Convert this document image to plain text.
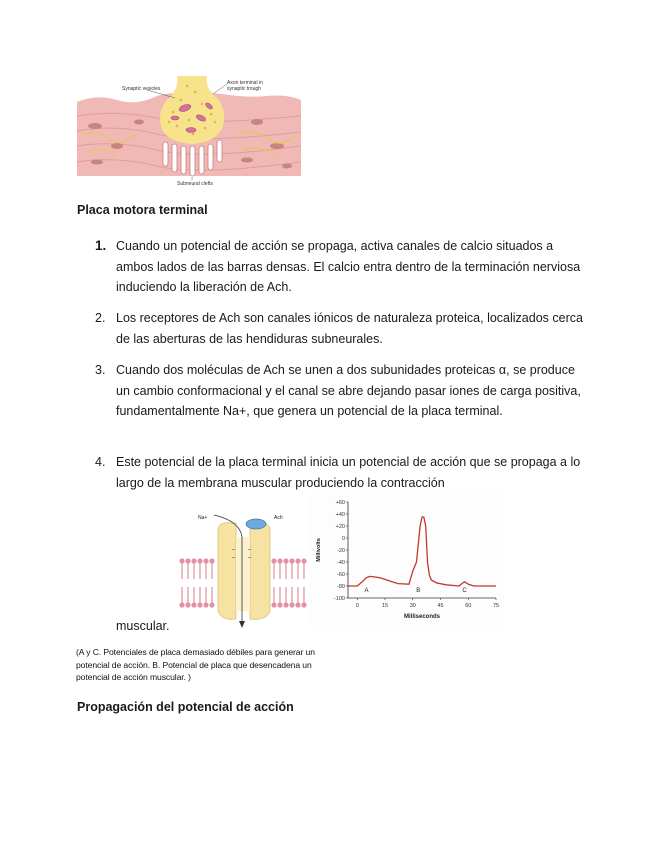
Synaptic vesicles
Axon terminal in
synaptic trough
Subneural clefts
Placa motora terminal
1. Cuando un potencial de acción se propaga, activa canales de calcio situados a ambos lados de las barras densas. El calcio entra dentro de la terminación nerviosa induciendo la liberación de Ach.
2. Los receptores de Ach son canales iónicos de naturaleza proteica, localizados cerca de las aberturas de las hendiduras subneurales.
3. Cuando dos moléculas de Ach se unen a dos subunidades proteicas α, se produce un cambio conformacional y el canal se abre dejando pasar iones de carga positiva, fundamentalmente Na+, que genera un potencial de la placa terminal.
4. Este potencial de la placa terminal inicia un potencial de acción que se propaga a lo largo de la membrana muscular produciendo la contracción
muscular.
– –
– –
Na+	Ach
+60
+40
+20
0
-20
-40
-60
-80
-100
0	15	30	45	60	75
Millivolts
Milliseconds
A	B	C
(A y C. Potenciales de placa demasiado débiles para generar un potencial de acción. B. Potencial de placa que desencadena un potencial de acción muscular. )
Propagación del potencial de acción
